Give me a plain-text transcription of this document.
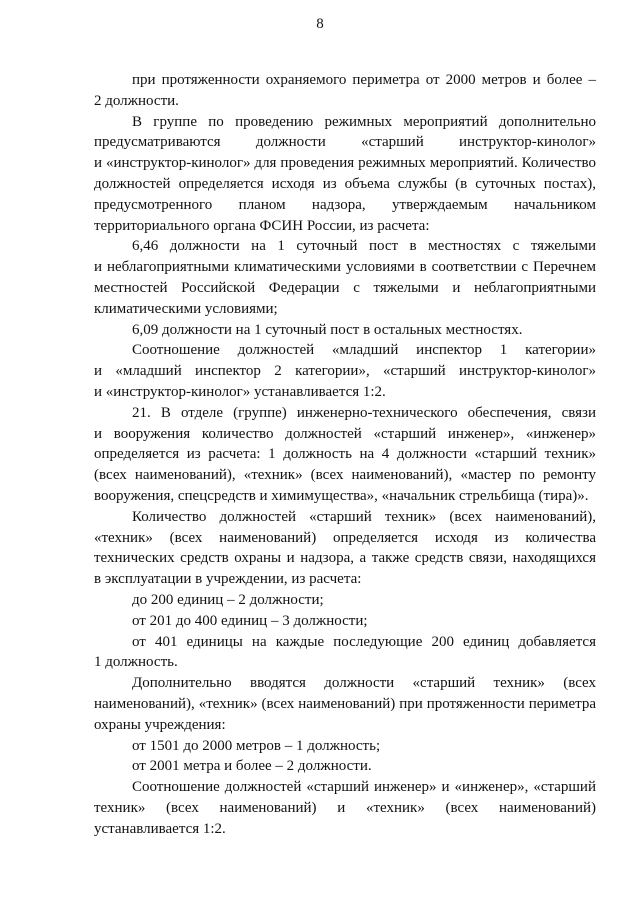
8
при протяженности охраняемого периметра от 2000 метров и более –
2 должности.
В группе по проведению режимных мероприятий дополнительно
предусматриваются должности «старший инструктор-кинолог»
и «инструктор-кинолог» для проведения режимных мероприятий. Количество
должностей определяется исходя из объема службы (в суточных постах),
предусмотренного планом надзора, утверждаемым начальником
территориального органа ФСИН России, из расчета:
6,46 должности на 1 суточный пост в местностях с тяжелыми
и неблагоприятными климатическими условиями в соответствии с Перечнем
местностей Российской Федерации с тяжелыми и неблагоприятными
климатическими условиями;
6,09 должности на 1 суточный пост в остальных местностях.
Соотношение должностей «младший инспектор 1 категории»
и «младший инспектор 2 категории», «старший инструктор-кинолог»
и «инструктор-кинолог» устанавливается 1:2.
21. В отделе (группе) инженерно-технического обеспечения, связи
и вооружения количество должностей «старший инженер», «инженер»
определяется из расчета: 1 должность на 4 должности «старший техник»
(всех наименований), «техник» (всех наименований), «мастер по ремонту
вооружения, спецсредств и химимущества», «начальник стрельбища (тира)».
Количество должностей «старший техник» (всех наименований),
«техник» (всех наименований) определяется исходя из количества
технических средств охраны и надзора, а также средств связи, находящихся
в эксплуатации в учреждении, из расчета:
до 200 единиц – 2 должности;
от 201 до 400 единиц – 3 должности;
от 401 единицы на каждые последующие 200 единиц добавляется
1 должность.
Дополнительно вводятся должности «старший техник» (всех
наименований), «техник» (всех наименований) при протяженности периметра
охраны учреждения:
от 1501 до 2000 метров – 1 должность;
от 2001 метра и более – 2 должности.
Соотношение должностей «старший инженер» и «инженер», «старший
техник» (всех наименований) и «техник» (всех наименований)
устанавливается 1:2.
